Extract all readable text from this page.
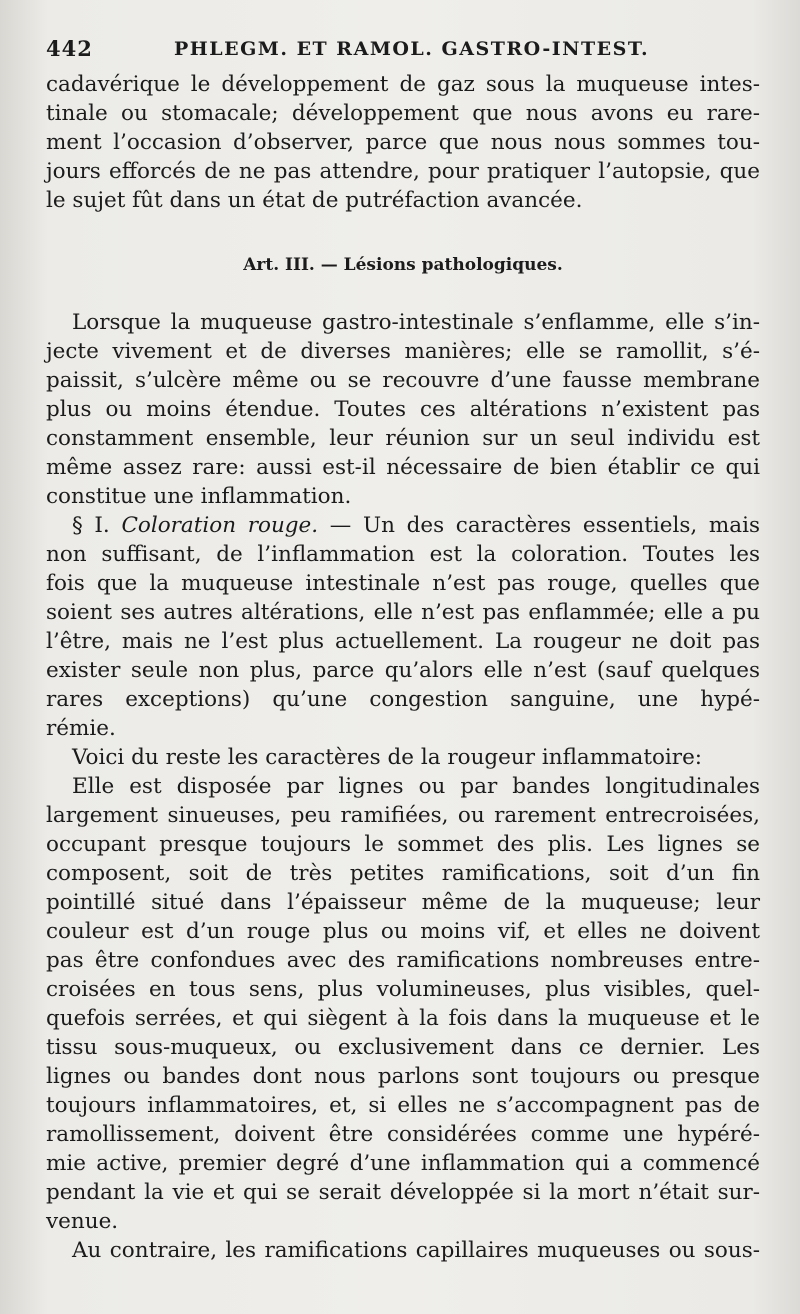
442	PHLEGM. ET RAMOL. GASTRO-INTEST.
cadavérique le développement de gaz sous la muqueuse intes-
tinale ou stomacale; développement que nous avons eu rare-
ment l’occasion d’observer, parce que nous nous sommes tou-
jours efforcés de ne pas attendre, pour pratiquer l’autopsie, que
le sujet fût dans un état de putréfaction avancée.
Art. III. — Lésions pathologiques.
Lorsque la muqueuse gastro-intestinale s’enflamme, elle s’in-
jecte vivement et de diverses manières; elle se ramollit, s’é-
paissit, s’ulcère même ou se recouvre d’une fausse membrane
plus ou moins étendue. Toutes ces altérations n’existent pas
constamment ensemble, leur réunion sur un seul individu est
même assez rare: aussi est-il nécessaire de bien établir ce qui
constitue une inflammation.
§ I. Coloration rouge. — Un des caractères essentiels, mais
non suffisant, de l’inflammation est la coloration. Toutes les
fois que la muqueuse intestinale n’est pas rouge, quelles que
soient ses autres altérations, elle n’est pas enflammée; elle a pu
l’être, mais ne l’est plus actuellement. La rougeur ne doit pas
exister seule non plus, parce qu’alors elle n’est (sauf quelques
rares exceptions) qu’une congestion sanguine, une hypé-
rémie.
Voici du reste les caractères de la rougeur inflammatoire:
Elle est disposée par lignes ou par bandes longitudinales
largement sinueuses, peu ramifiées, ou rarement entrecroisées,
occupant presque toujours le sommet des plis. Les lignes se
composent, soit de très petites ramifications, soit d’un fin
pointillé situé dans l’épaisseur même de la muqueuse; leur
couleur est d’un rouge plus ou moins vif, et elles ne doivent
pas être confondues avec des ramifications nombreuses entre-
croisées en tous sens, plus volumineuses, plus visibles, quel-
quefois serrées, et qui siègent à la fois dans la muqueuse et le
tissu sous-muqueux, ou exclusivement dans ce dernier. Les
lignes ou bandes dont nous parlons sont toujours ou presque
toujours inflammatoires, et, si elles ne s’accompagnent pas de
ramollissement, doivent être considérées comme une hypéré-
mie active, premier degré d’une inflammation qui a commencé
pendant la vie et qui se serait développée si la mort n’était sur-
venue.
Au contraire, les ramifications capillaires muqueuses ou sous-
